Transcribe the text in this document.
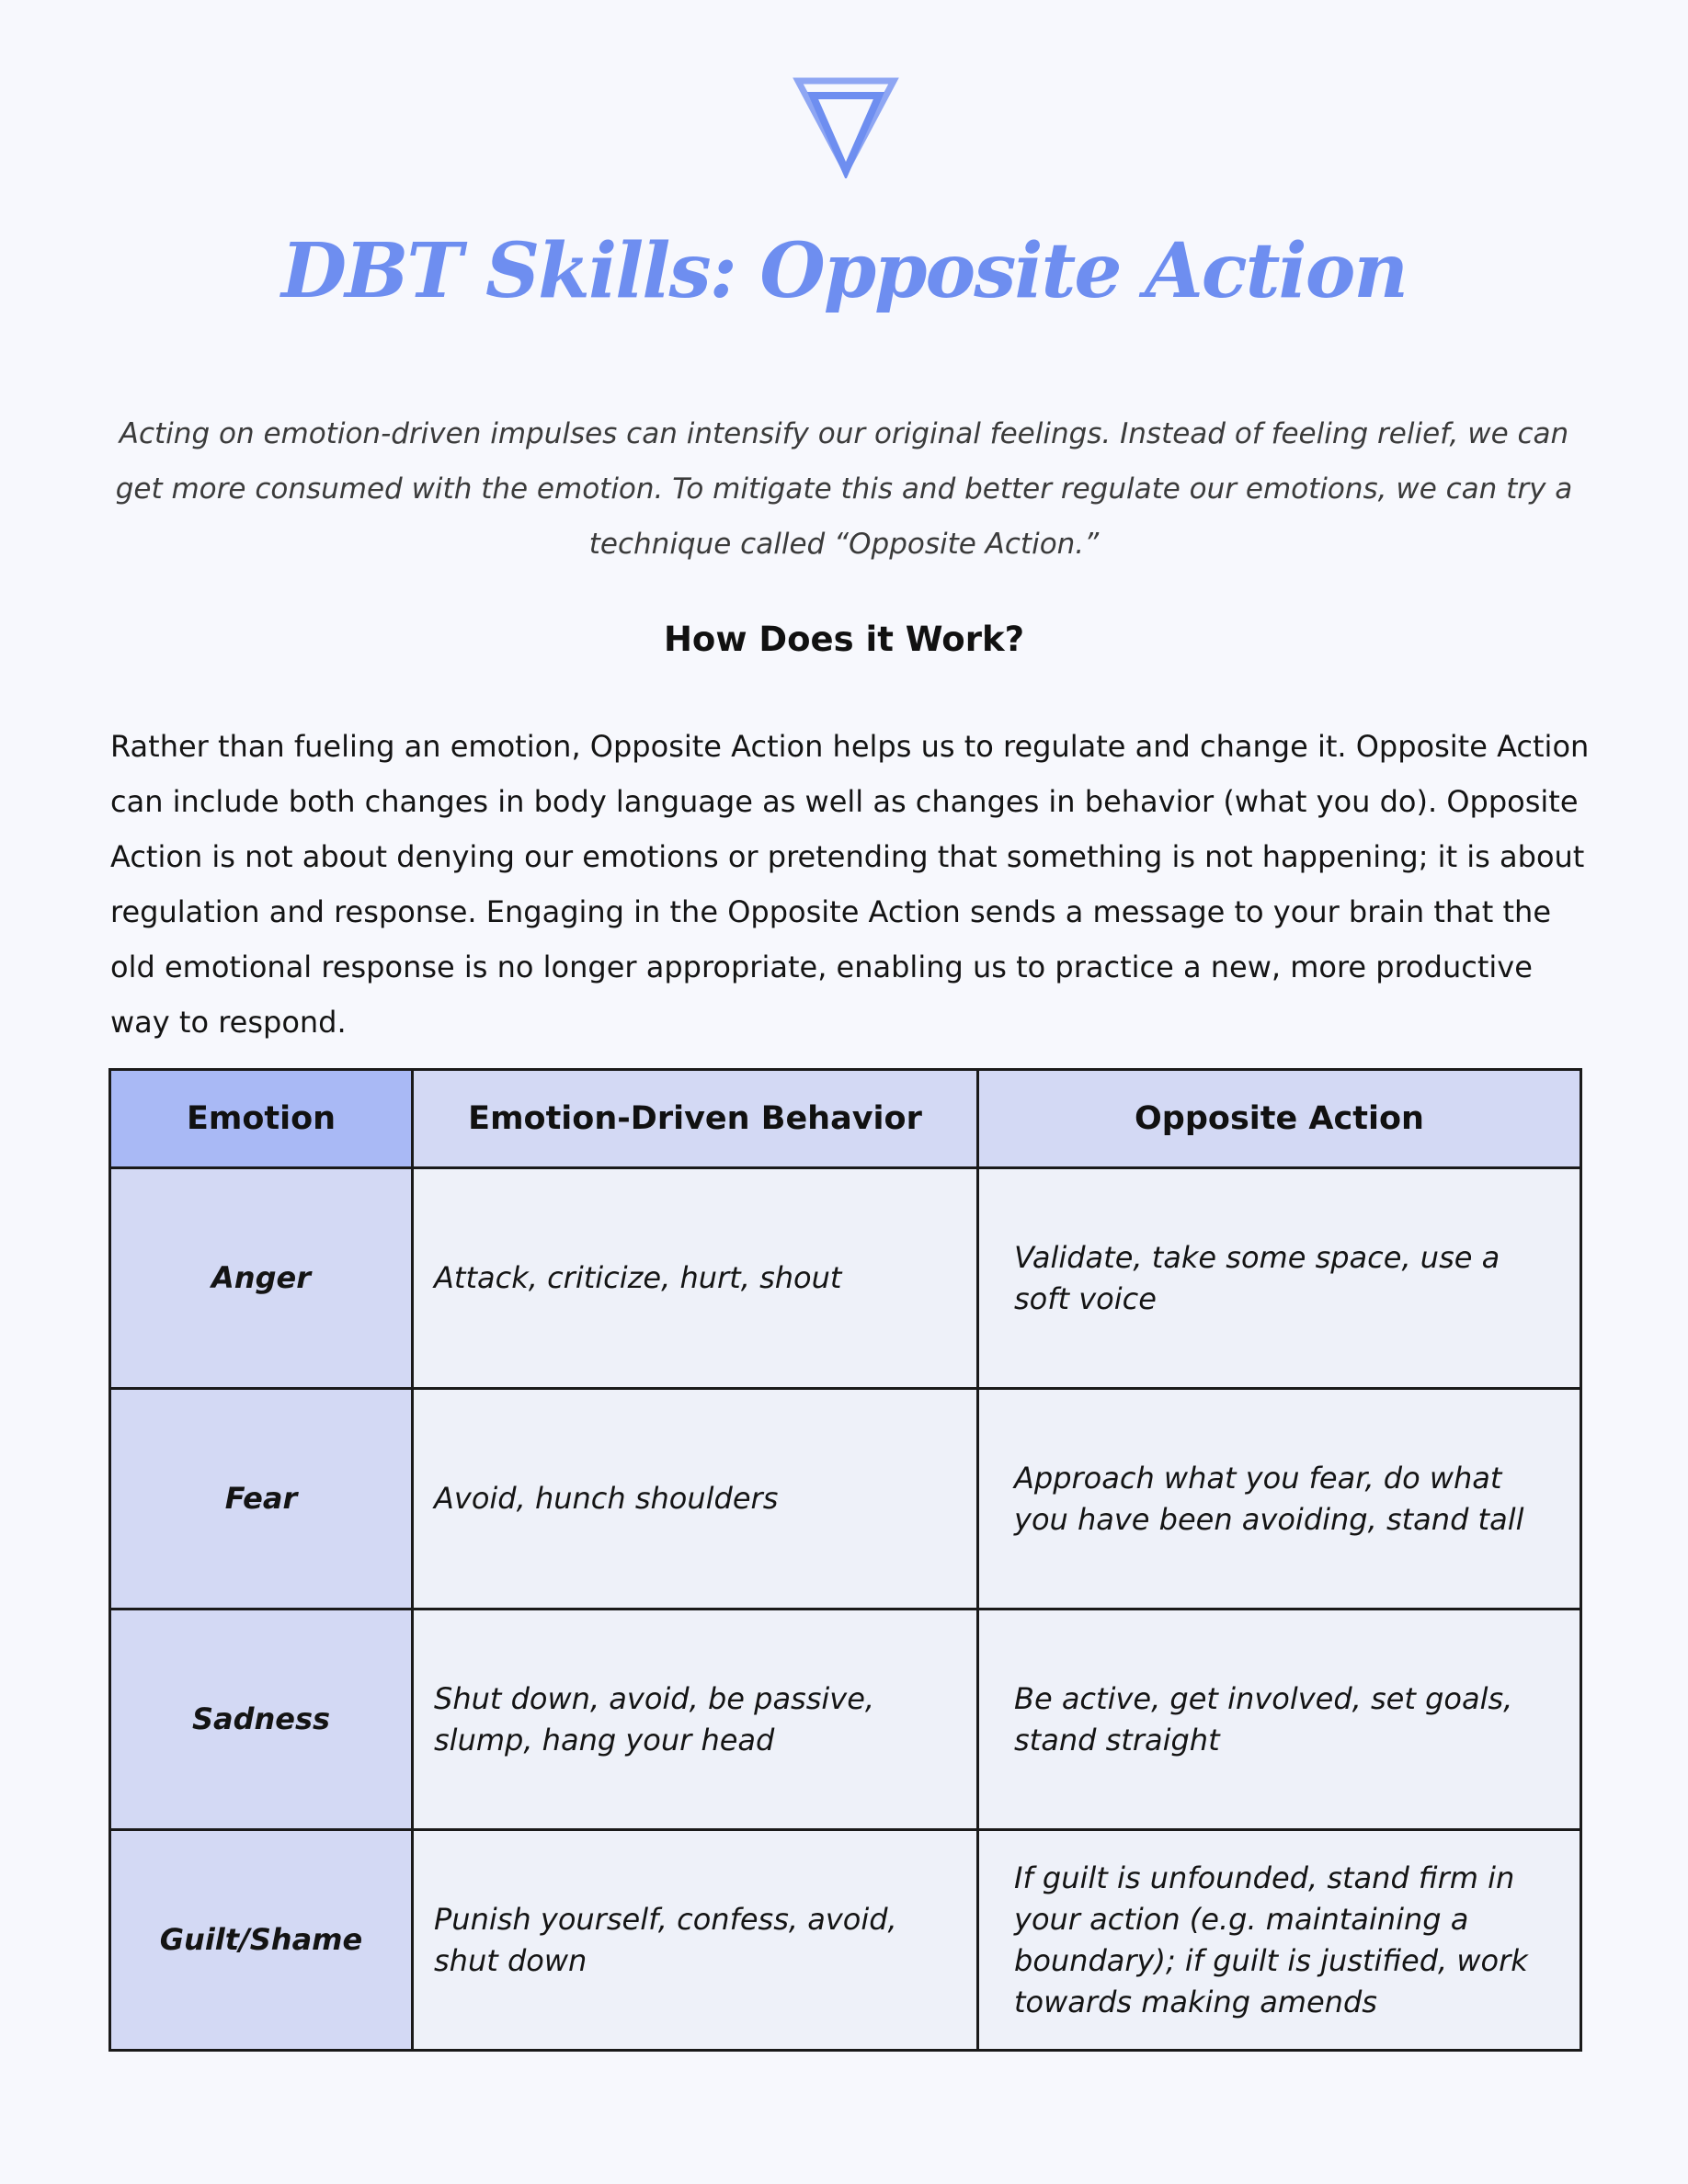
DBT Skills: Opposite Action

Acting on emotion-driven impulses can intensify our original feelings. Instead of feeling relief, we can get more consumed with the emotion. To mitigate this and better regulate our emotions, we can try a technique called “Opposite Action.”

How Does it Work?

Rather than fueling an emotion, Opposite Action helps us to regulate and change it. Opposite Action can include both changes in body language as well as changes in behavior (what you do). Opposite Action is not about denying our emotions or pretending that something is not happening; it is about regulation and response. Engaging in the Opposite Action sends a message to your brain that the old emotional response is no longer appropriate, enabling us to practice a new, more productive way to respond.

Emotion	Emotion-Driven Behavior	Opposite Action
Anger	Attack, criticize, hurt, shout	Validate, take some space, use a soft voice
Fear	Avoid, hunch shoulders	Approach what you fear, do what you have been avoiding, stand tall
Sadness	Shut down, avoid, be passive, slump, hang your head	Be active, get involved, set goals, stand straight
Guilt/Shame	Punish yourself, confess, avoid, shut down	If guilt is unfounded, stand firm in your action (e.g. maintaining a boundary); if guilt is justified, work towards making amends
